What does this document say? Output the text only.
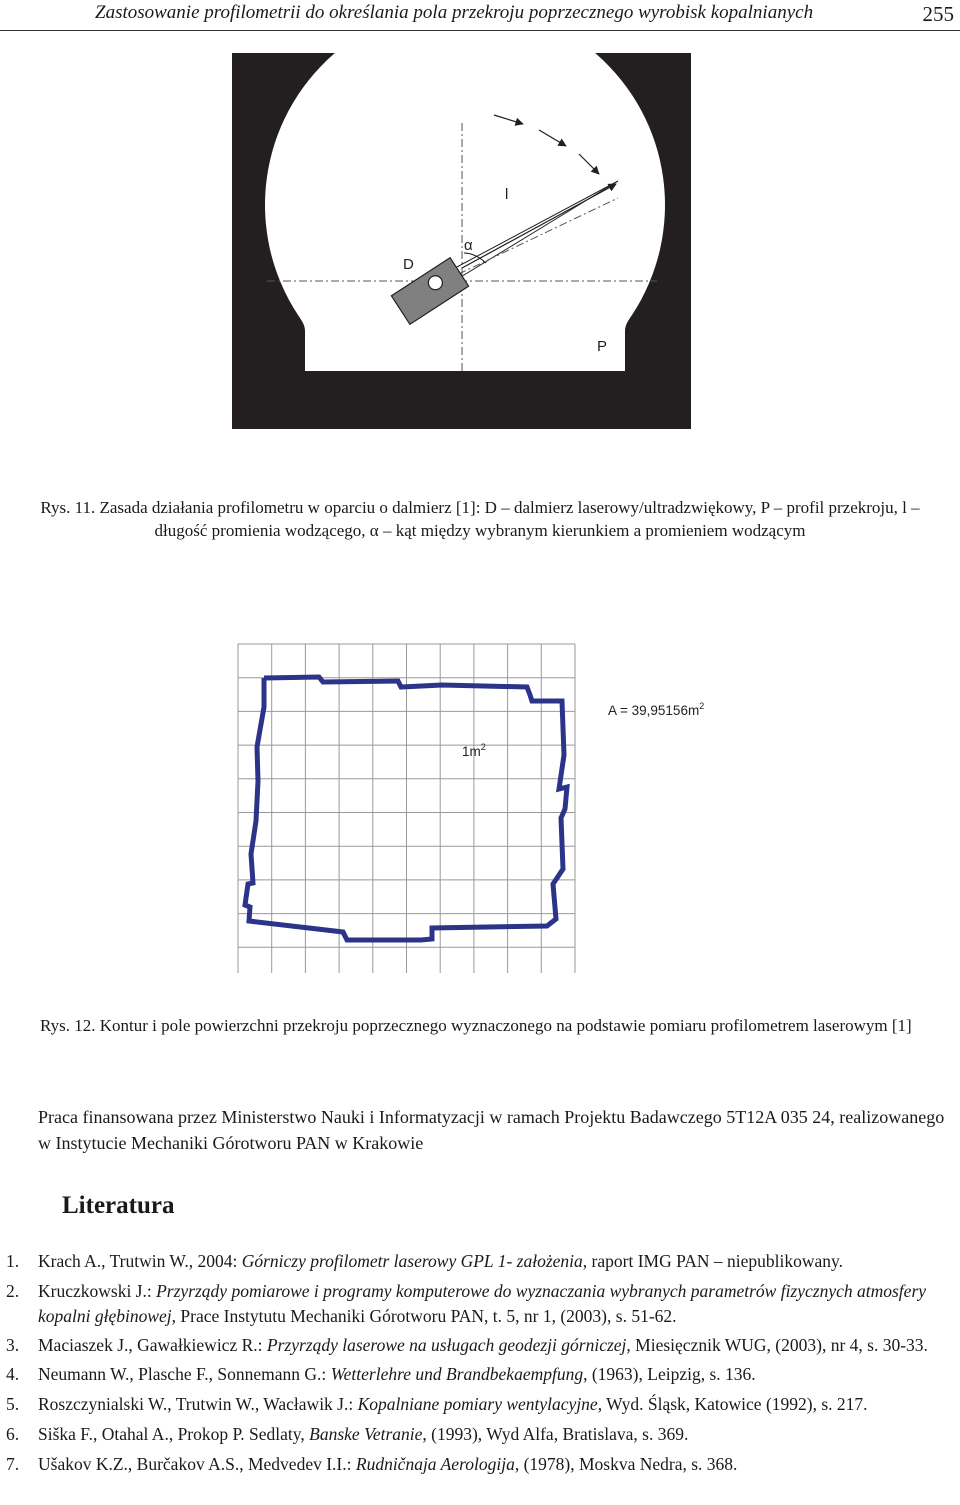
Zastosowanie profilometrii do określania pola przekroju poprzecznego wyrobisk kopalnianych	255
D
α
l
P
Rys. 11. Zasada działania profilometru w oparciu o dalmierz [1]: D – dalmierz laserowy/ultradzwiękowy, P – profil przekroju, l – długość promienia wodzącego, α – kąt między wybranym kierunkiem a promieniem wodzącym
$A = 39,95156m^2$
$1m^2$
Rys. 12. Kontur i pole powierzchni przekroju poprzecznego wyznaczonego na podstawie pomiaru profilometrem laserowym [1]
Praca finansowana przez Ministerstwo Nauki i Informatyzacji w ramach Projektu Badawczego 5T12A 035 24, realizowanego w Instytucie Mechaniki Górotworu PAN w Krakowie
Literatura
1. Krach A., Trutwin W., 2004: Górniczy profilometr laserowy GPL 1- założenia, raport IMG PAN – niepublikowany.
2. Kruczkowski J.: Przyrządy pomiarowe i programy komputerowe do wyznaczania wybranych parametrów fizycznych atmosfery kopalni głębinowej, Prace Instytutu Mechaniki Górotworu PAN, t. 5, nr 1, (2003), s. 51-62.
3. Maciaszek J., Gawałkiewicz R.: Przyrządy laserowe na usługach geodezji górniczej, Miesięcznik WUG, (2003), nr 4, s. 30-33.
4. Neumann W., Plasche F., Sonnemann G.: Wetterlehre und Brandbekaempfung, (1963), Leipzig, s. 136.
5. Roszczynialski W., Trutwin W., Wacławik J.: Kopalniane pomiary wentylacyjne, Wyd. Śląsk, Katowice (1992), s. 217.
6. Siška F., Otahal A., Prokop P. Sedlaty, Banske Vetranie, (1993), Wyd Alfa, Bratislava, s. 369.
7. Ušakov K.Z., Burčakov A.S., Medvedev I.I.: Rudničnaja Aerologija, (1978), Moskva Nedra, s. 368.
